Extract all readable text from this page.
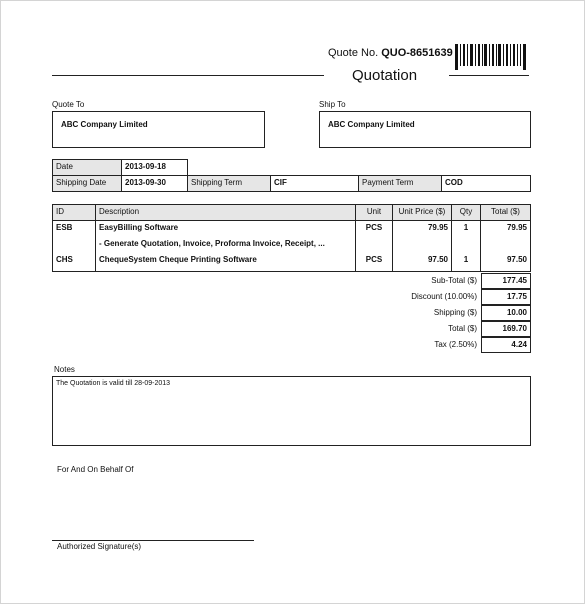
Quote No. QUO-8651639
Quotation
Quote To
ABC Company Limited
Ship To
ABC Company Limited
Date	2013-09-18
Shipping Date	2013-09-30	Shipping Term	CIF	Payment Term	COD
ID	Description	Unit	Unit Price ($)	Qty	Total ($)
ESB	EasyBilling Software	PCS	79.95	1	79.95
- Generate Quotation, Invoice, Proforma Invoice, Receipt, ...
CHS	ChequeSystem Cheque Printing Software	PCS	97.50	1	97.50
Sub-Total ($)	177.45
Discount (10.00%)	17.75
Shipping ($)	10.00
Total ($)	169.70
Tax (2.50%)	4.24
Notes
The Quotation is valid till 28-09-2013
For And On Behalf Of
Authorized Signature(s)
